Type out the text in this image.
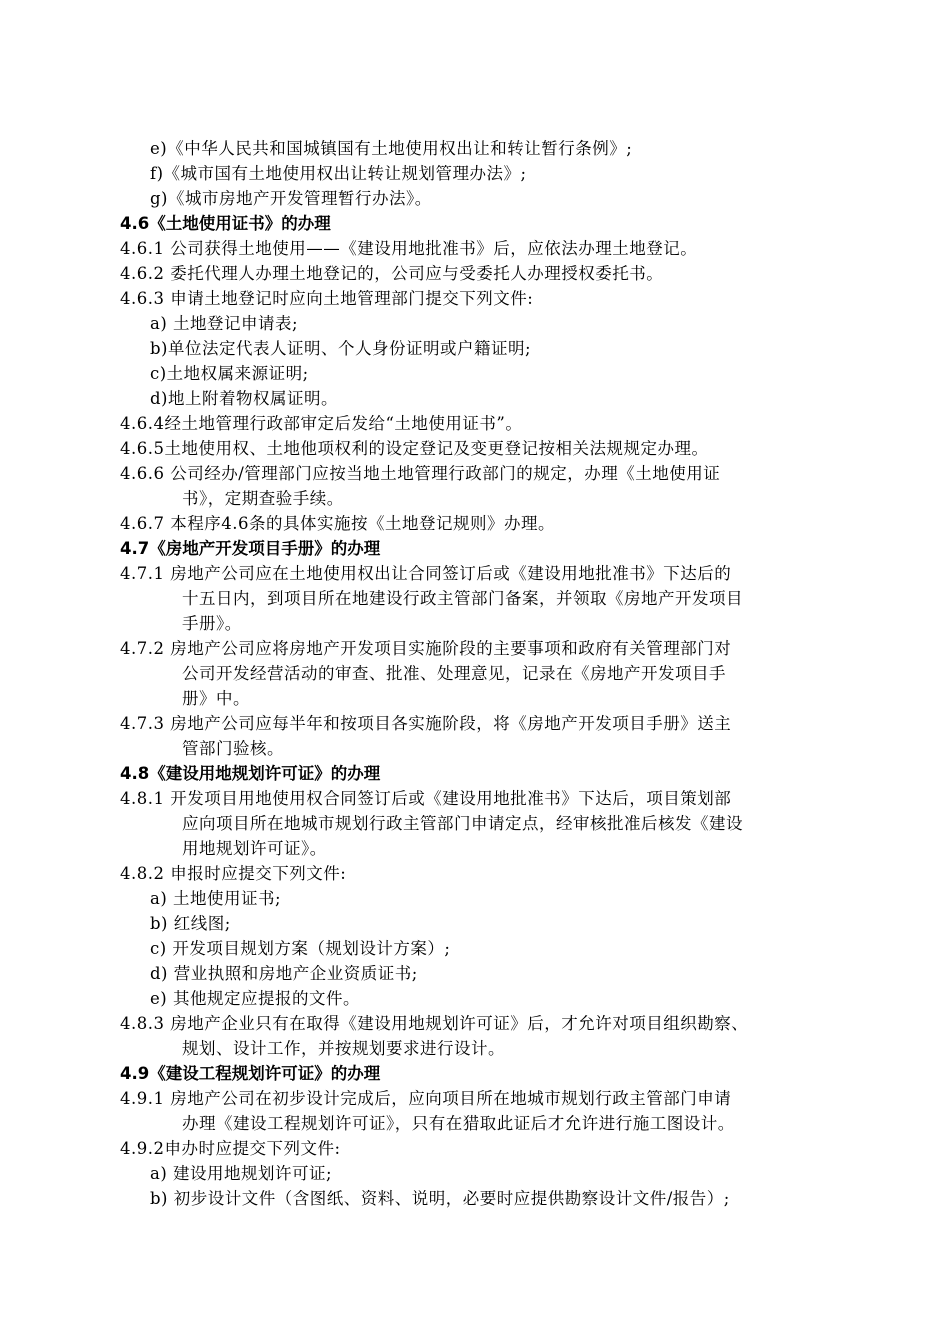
e)《中华人民共和国城镇国有土地使用权出让和转让暂行条例》;
f)《城市国有土地使用权出让转让规划管理办法》;
g)《城市房地产开发管理暂行办法》。
4.6《土地使用证书》的办理
4.6.1 公司获得土地使用——《建设用地批准书》后，应依法办理土地登记。
4.6.2 委托代理人办理土地登记的，公司应与受委托人办理授权委托书。
4.6.3 申请土地登记时应向土地管理部门提交下列文件:
a) 土地登记申请表;
b)单位法定代表人证明、个人身份证明或户籍证明;
c)土地权属来源证明;
d)地上附着物权属证明。
4.6.4经土地管理行政部审定后发给“土地使用证书”。
4.6.5土地使用权、土地他项权利的设定登记及变更登记按相关法规规定办理。
4.6.6 公司经办/管理部门应按当地土地管理行政部门的规定，办理《土地使用证
书》，定期查验手续。
4.6.7 本程序4.6条的具体实施按《土地登记规则》办理。
4.7《房地产开发项目手册》的办理
4.7.1 房地产公司应在土地使用权出让合同签订后或《建设用地批准书》下达后的
十五日内，到项目所在地建设行政主管部门备案，并领取《房地产开发项目
手册》。
4.7.2 房地产公司应将房地产开发项目实施阶段的主要事项和政府有关管理部门对
公司开发经营活动的审查、批准、处理意见，记录在《房地产开发项目手
册》中。
4.7.3 房地产公司应每半年和按项目各实施阶段，将《房地产开发项目手册》送主
管部门验核。
4.8《建设用地规划许可证》的办理
4.8.1 开发项目用地使用权合同签订后或《建设用地批准书》下达后，项目策划部
应向项目所在地城市规划行政主管部门申请定点，经审核批准后核发《建设
用地规划许可证》。
4.8.2 申报时应提交下列文件:
a) 土地使用证书;
b) 红线图;
c) 开发项目规划方案（规划设计方案）;
d) 营业执照和房地产企业资质证书;
e) 其他规定应提报的文件。
4.8.3 房地产企业只有在取得《建设用地规划许可证》后，才允许对项目组织勘察、
规划、设计工作，并按规划要求进行设计。
4.9《建设工程规划许可证》的办理
4.9.1 房地产公司在初步设计完成后，应向项目所在地城市规划行政主管部门申请
办理《建设工程规划许可证》，只有在猎取此证后才允许进行施工图设计。
4.9.2申办时应提交下列文件:
a) 建设用地规划许可证;
b) 初步设计文件（含图纸、资料、说明，必要时应提供勘察设计文件/报告）;
